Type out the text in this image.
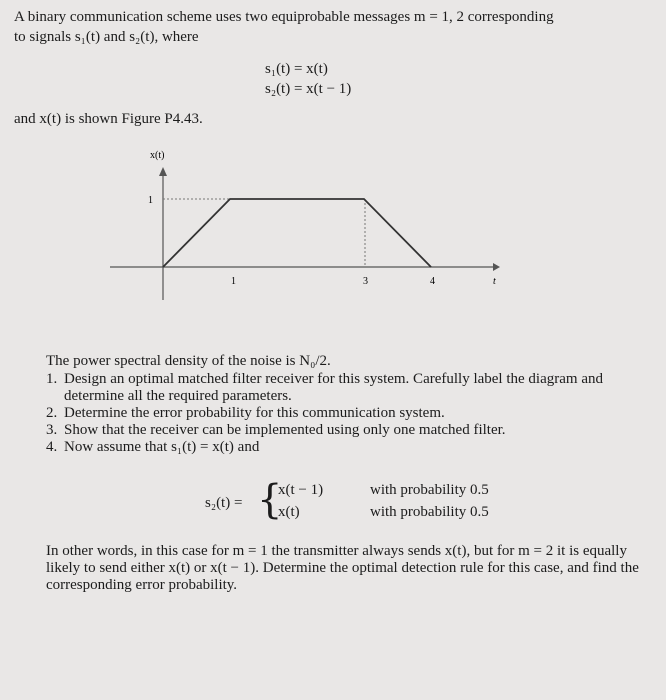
A binary communication scheme uses two equiprobable messages m = 1, 2 corresponding
to signals s₁(t) and s₂(t), where
s₁(t) = x(t)
s₂(t) = x(t − 1)
and x(t) is shown Figure P4.43.
x(t)
t
1
1	3	4
The power spectral density of the noise is N₀/2.
1. Design an optimal matched filter receiver for this system. Carefully label the diagram and determine all the required parameters.
2. Determine the error probability for this communication system.
3. Show that the receiver can be implemented using only one matched filter.
4. Now assume that s₁(t) = x(t) and
s₂(t) = {
x(t − 1)	with probability 0.5
x(t)	with probability 0.5
In other words, in this case for m = 1 the transmitter always sends x(t), but for m = 2 it is equally likely to send either x(t) or x(t − 1). Determine the optimal detection rule for this case, and find the corresponding error probability.
